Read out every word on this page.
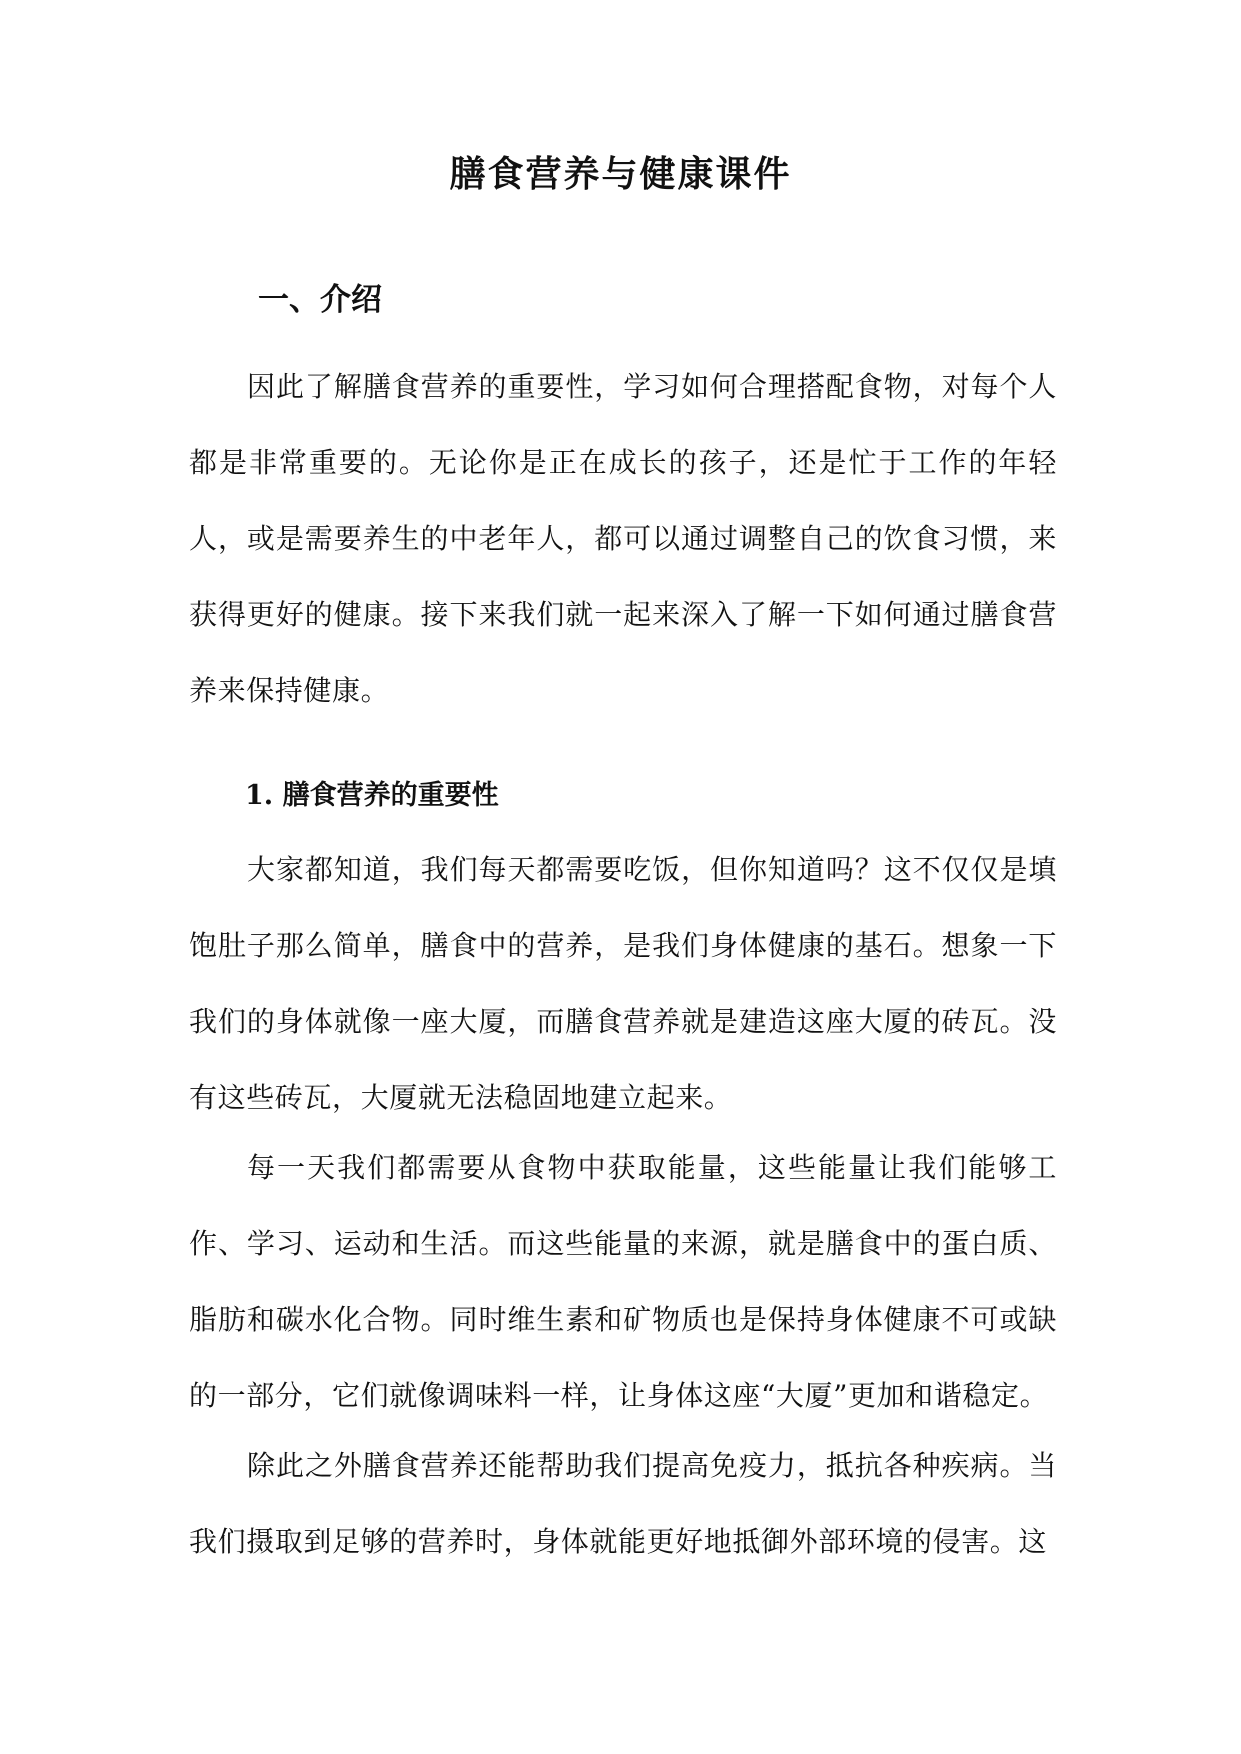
膳食营养与健康课件
一、介绍

因此了解膳食营养的重要性，学习如何合理搭配食物，对每个人都是非常重要的。无论你是正在成长的孩子，还是忙于工作的年轻人，或是需要养生的中老年人，都可以通过调整自己的饮食习惯，来获得更好的健康。接下来我们就一起来深入了解一下如何通过膳食营养来保持健康。

1. 膳食营养的重要性

大家都知道，我们每天都需要吃饭，但你知道吗？这不仅仅是填饱肚子那么简单，膳食中的营养，是我们身体健康的基石。想象一下我们的身体就像一座大厦，而膳食营养就是建造这座大厦的砖瓦。没有这些砖瓦，大厦就无法稳固地建立起来。

每一天我们都需要从食物中获取能量，这些能量让我们能够工作、学习、运动和生活。而这些能量的来源，就是膳食中的蛋白质、脂肪和碳水化合物。同时维生素和矿物质也是保持身体健康不可或缺的一部分，它们就像调味料一样，让身体这座“大厦”更加和谐稳定。

除此之外膳食营养还能帮助我们提高免疫力，抵抗各种疾病。当我们摄取到足够的营养时，身体就能更好地抵御外部环境的侵害。这
